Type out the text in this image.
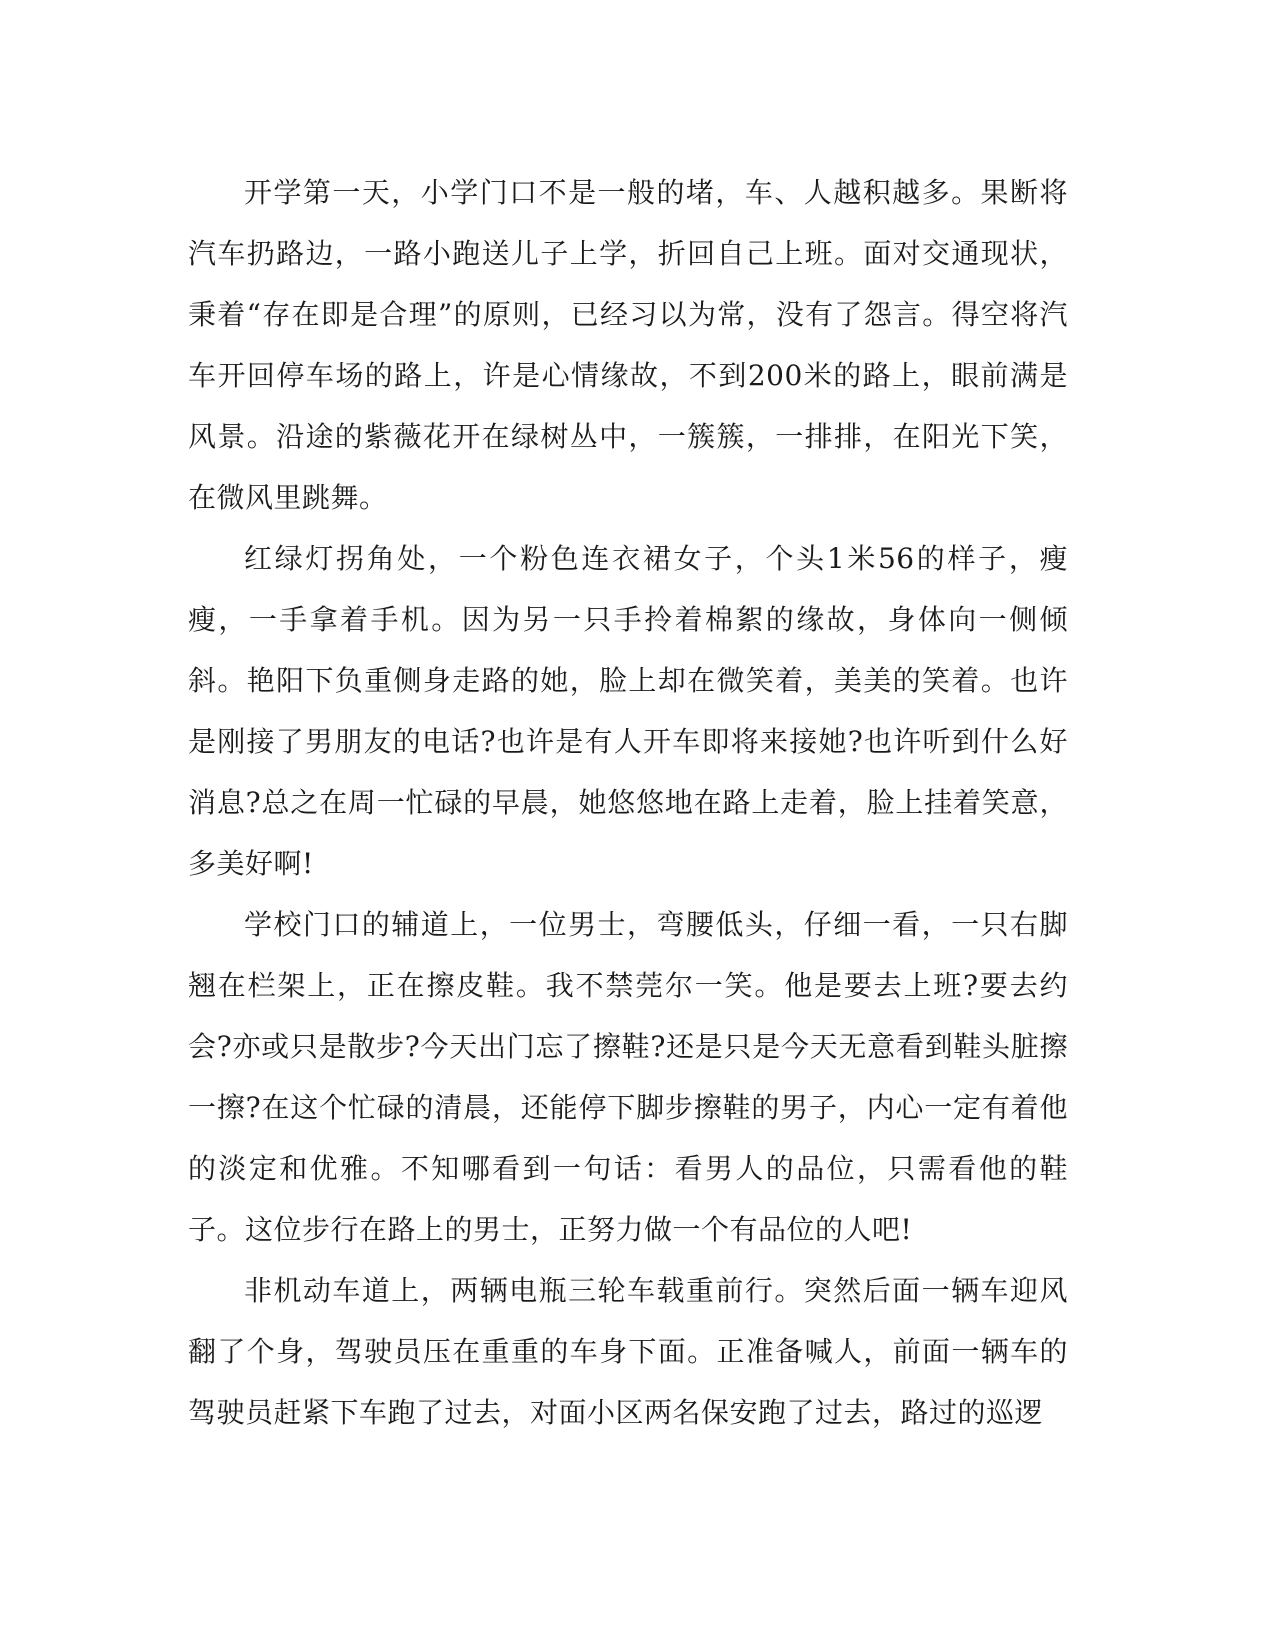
开学第一天，小学门口不是一般的堵，车、人越积越多。果断将汽车扔路边，一路小跑送儿子上学，折回自己上班。面对交通现状，秉着“存在即是合理”的原则，已经习以为常，没有了怨言。得空将汽车开回停车场的路上，许是心情缘故，不到200米的路上，眼前满是风景。沿途的紫薇花开在绿树丛中，一簇簇，一排排，在阳光下笑，在微风里跳舞。

红绿灯拐角处，一个粉色连衣裙女子，个头1米56的样子，瘦瘦，一手拿着手机。因为另一只手拎着棉絮的缘故，身体向一侧倾斜。艳阳下负重侧身走路的她，脸上却在微笑着，美美的笑着。也许是刚接了男朋友的电话?也许是有人开车即将来接她?也许听到什么好消息?总之在周一忙碌的早晨，她悠悠地在路上走着，脸上挂着笑意，多美好啊!

学校门口的辅道上，一位男士，弯腰低头，仔细一看，一只右脚翘在栏架上，正在擦皮鞋。我不禁莞尔一笑。他是要去上班?要去约会?亦或只是散步?今天出门忘了擦鞋?还是只是今天无意看到鞋头脏擦一擦?在这个忙碌的清晨，还能停下脚步擦鞋的男子，内心一定有着他的淡定和优雅。不知哪看到一句话：看男人的品位，只需看他的鞋子。这位步行在路上的男士，正努力做一个有品位的人吧!

非机动车道上，两辆电瓶三轮车载重前行。突然后面一辆车迎风翻了个身，驾驶员压在重重的车身下面。正准备喊人，前面一辆车的驾驶员赶紧下车跑了过去，对面小区两名保安跑了过去，路过的巡逻
